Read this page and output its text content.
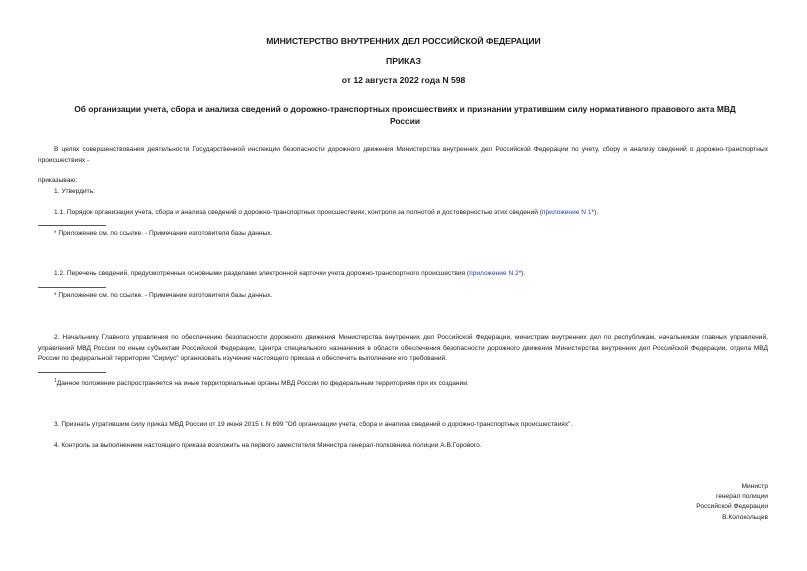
МИНИСТЕРСТВО ВНУТРЕННИХ ДЕЛ РОССИЙСКОЙ ФЕДЕРАЦИИ
ПРИКАЗ
от 12 августа 2022 года N 598
Об организации учета, сбора и анализа сведений о дорожно-транспортных происшествиях и признании утратившим силу нормативного правового акта МВД России
В целях совершенствования деятельности Государственной инспекции безопасности дорожного движения Министерства внутренних дел Российской Федерации по учету, сбору и анализу сведений о дорожно-транспортных происшествиях -
приказываю:
1. Утвердить:
1.1. Порядок организации учета, сбора и анализа сведений о дорожно-транспортных происшествиях, контроля за полнотой и достоверностью этих сведений (приложение N 1*).
* Приложение см. по ссылке. - Примечание изготовителя базы данных.
1.2. Перечень сведений, предусмотренных основными разделами электронной карточки учета дорожно-транспортного происшествия (приложение N 2*).
* Приложение см. по ссылке. - Примечание изготовителя базы данных.
2. Начальнику Главного управления по обеспечению безопасности дорожного движения Министерства внутренних дел Российской Федерации, министрам внутренних дел по республикам, начальникам главных управлений, управлений МВД России по иным субъектам Российской Федерации, Центра специального назначения в области обеспечения безопасности дорожного движения Министерства внутренних дел Российской Федерации, отдела МВД России по федеральной территории "Сириус" организовать изучение настоящего приказа и обеспечить выполнение его требований.
$^1$Данное положение распространяется на иные территориальные органы МВД России по федеральным территориям при их создании.
3. Признать утратившим силу приказ МВД России от 19 июня 2015 г. N 699 "Об организации учета, сбора и анализа сведений о дорожно-транспортных происшествиях".
4. Контроль за выполнением настоящего приказа возложить на первого заместителя Министра генерал-полковника полиции А.В.Горового.
Министр
генерал полиции
Российской Федерации
В.Колокольцев
